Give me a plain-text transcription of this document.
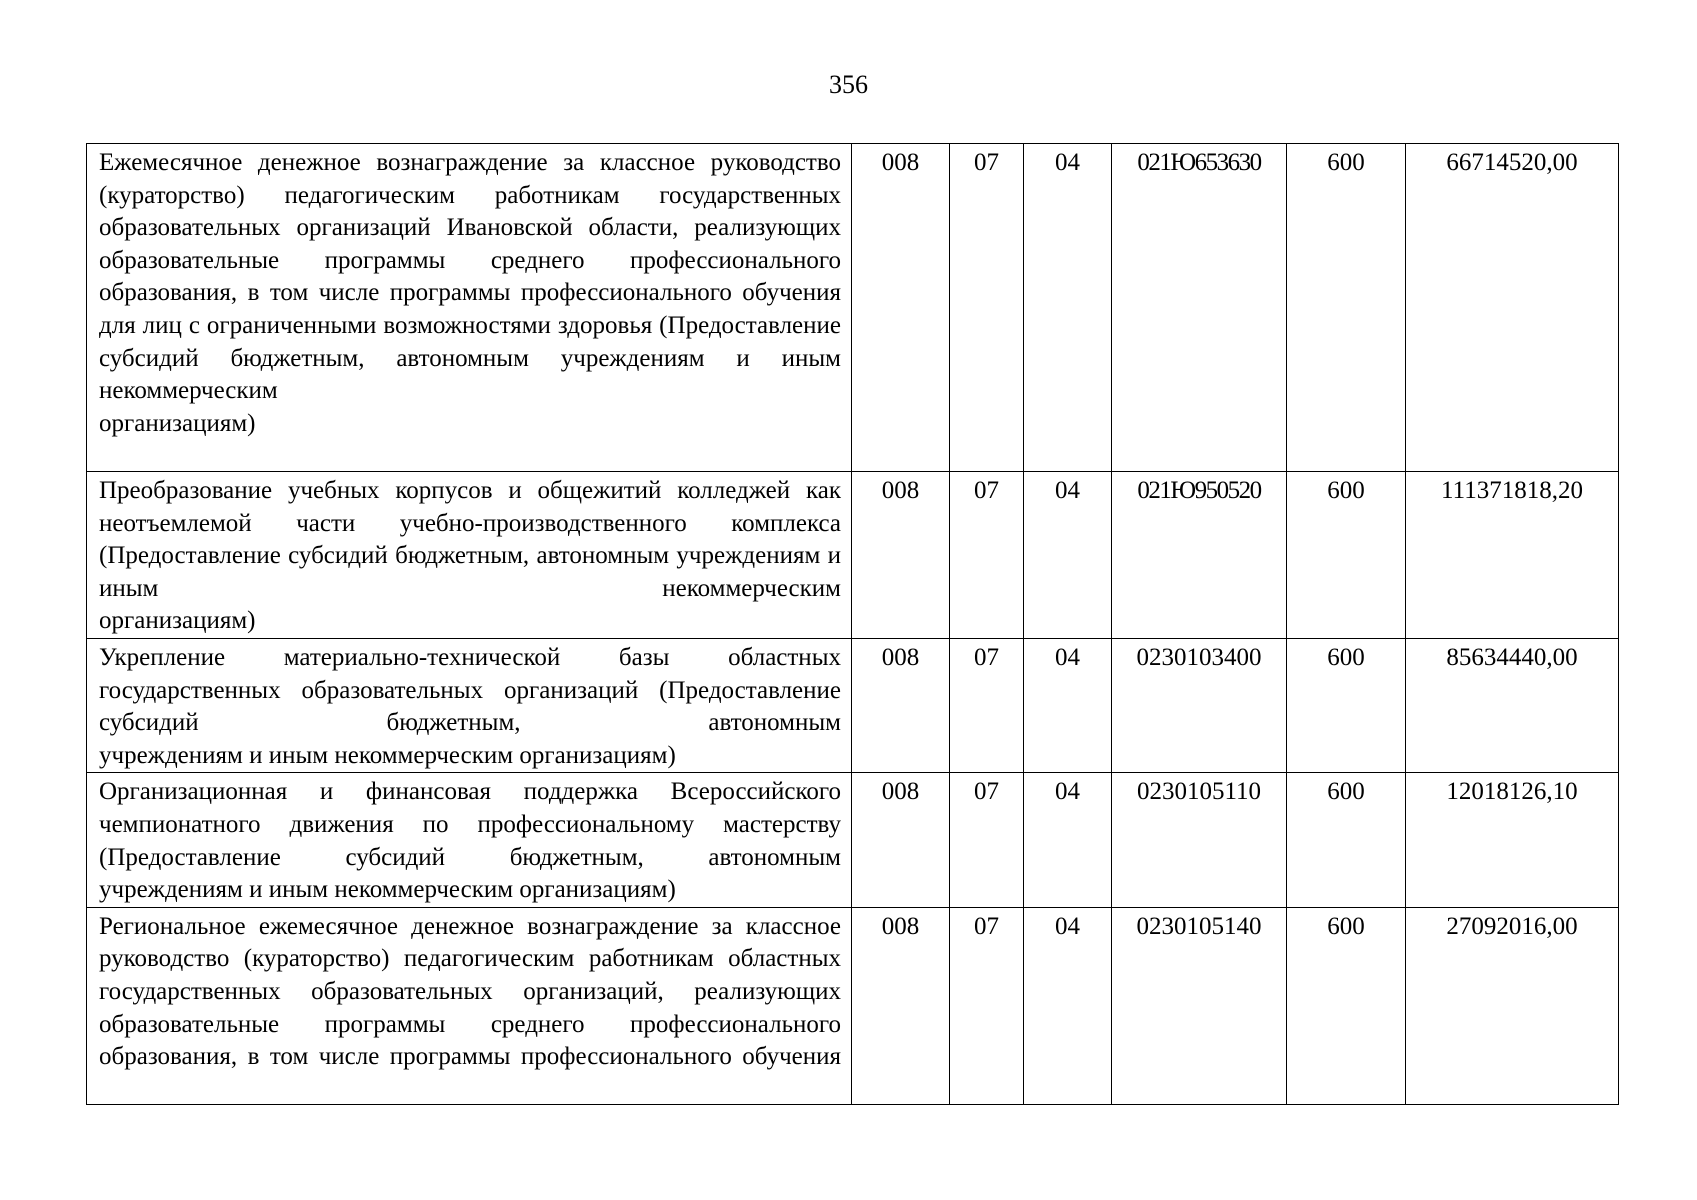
356
Ежемесячное денежное вознаграждение за классное руководство (кураторство) педагогическим работникам государственных образовательных организаций Ивановской области, реализующих образовательные программы среднего профессионального образования, в том числе программы профессионального обучения для лиц с ограниченными возможностями здоровья (Предоставление субсидий бюджетным, автономным учреждениям и иным некоммерческим
организациям)	008	07	04	021Ю653630	600	66714520,00
Преобразование учебных корпусов и общежитий колледжей как неотъемлемой части учебно-производственного комплекса (Предоставление субсидий бюджетным, автономным учреждениям и иным некоммерческим
организациям)	008	07	04	021Ю950520	600	111371818,20
Укрепление материально-технической базы областных государственных образовательных организаций (Предоставление субсидий бюджетным, автономным
учреждениям и иным некоммерческим организациям)	008	07	04	0230103400	600	85634440,00
Организационная и финансовая поддержка Всероссийского чемпионатного движения по профессиональному мастерству (Предоставление субсидий бюджетным, автономным
учреждениям и иным некоммерческим организациям)	008	07	04	0230105110	600	12018126,10
Региональное ежемесячное денежное вознаграждение за классное руководство (кураторство) педагогическим работникам областных государственных образовательных организаций, реализующих образовательные программы среднего профессионального образования, в том числе программы профессионального обучения	008	07	04	0230105140	600	27092016,00
